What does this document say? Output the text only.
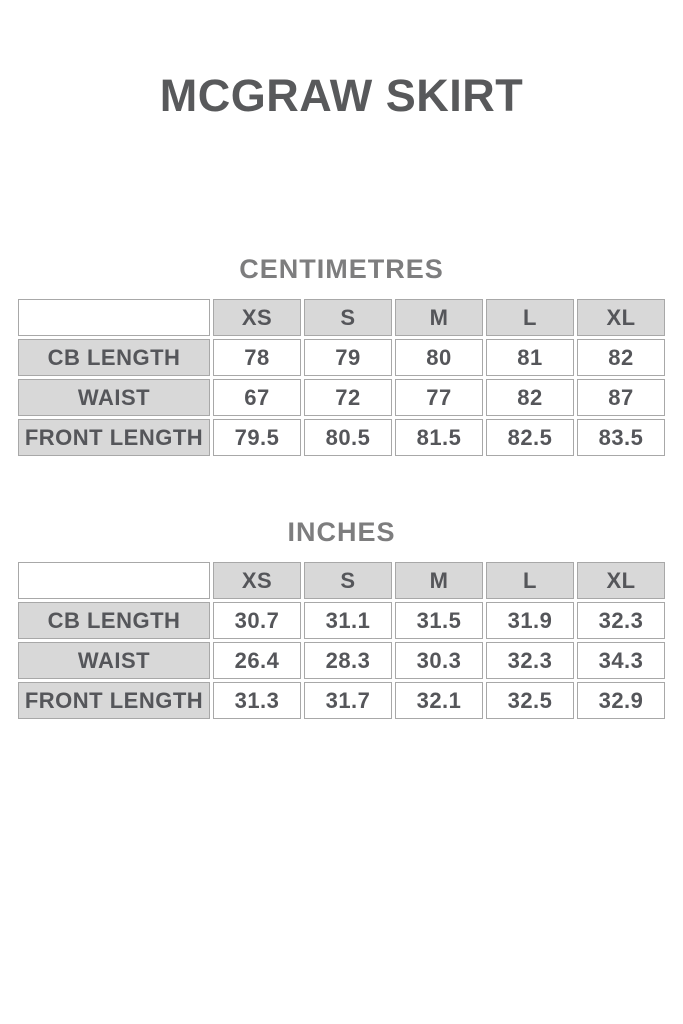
MCGRAW SKIRT
CENTIMETRES
	XS	S	M	L	XL
CB LENGTH	78	79	80	81	82
WAIST	67	72	77	82	87
FRONT LENGTH	79.5	80.5	81.5	82.5	83.5
INCHES
	XS	S	M	L	XL
CB LENGTH	30.7	31.1	31.5	31.9	32.3
WAIST	26.4	28.3	30.3	32.3	34.3
FRONT LENGTH	31.3	31.7	32.1	32.5	32.9
